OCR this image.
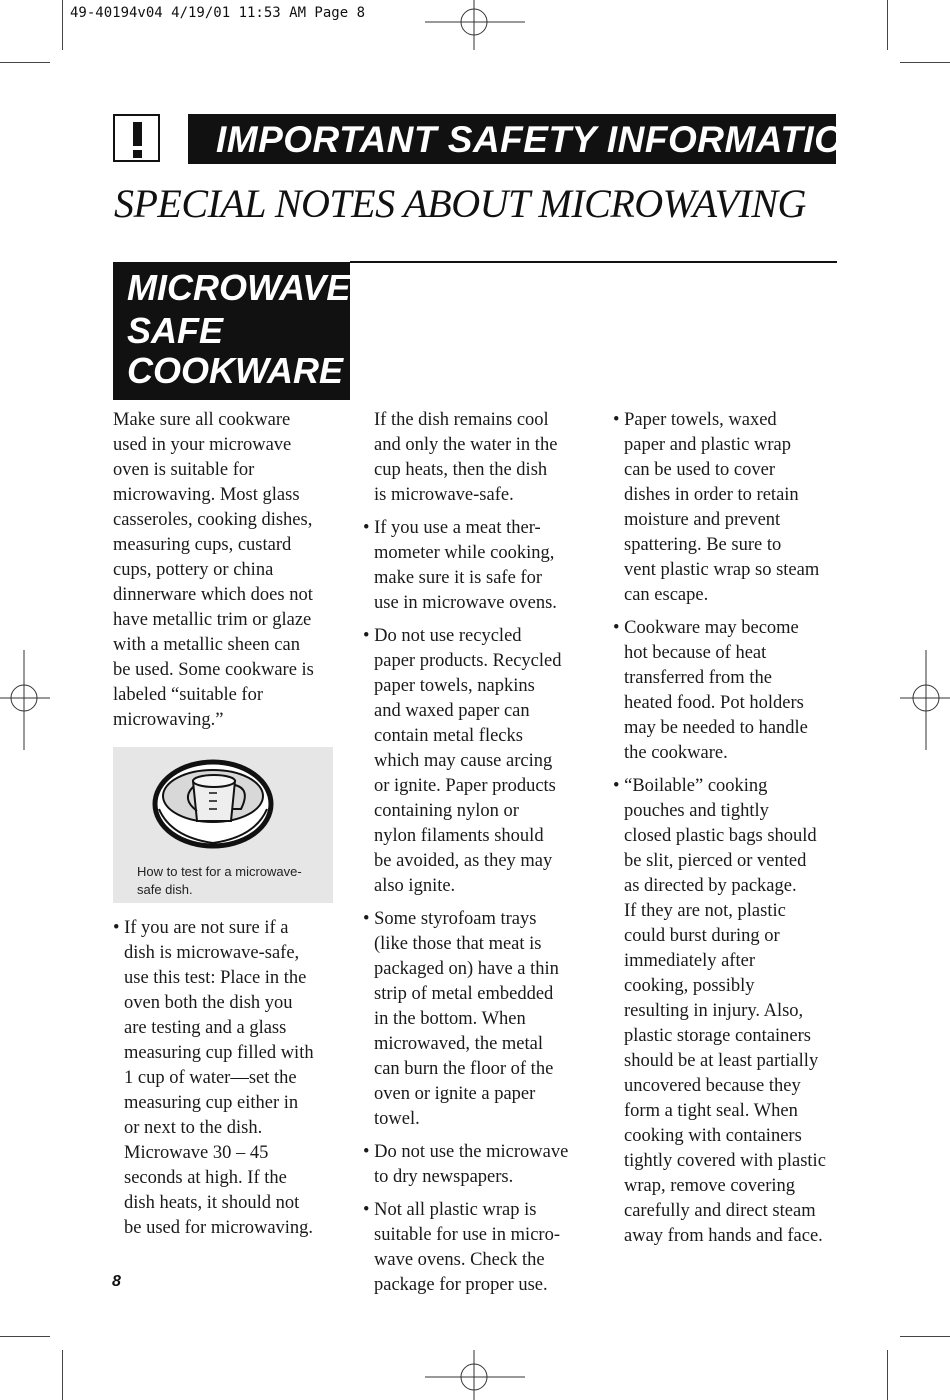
49-40194v04 4/19/01 11:53 AM Page 8
IMPORTANT SAFETY INFORMATION
SPECIAL NOTES ABOUT MICROWAVING
MICROWAVE-
SAFE
COOKWARE
Make sure all cookware
used in your microwave
oven is suitable for
microwaving. Most glass
casseroles, cooking dishes,
measuring cups, custard
cups, pottery or china
dinnerware which does not
have metallic trim or glaze
with a metallic sheen can
be used. Some cookware is
labeled “suitable for
microwaving.”
How to test for a microwave-
safe dish.
• If you are not sure if a
dish is microwave-safe,
use this test: Place in the
oven both the dish you
are testing and a glass
measuring cup filled with
1 cup of water—set the
measuring cup either in
or next to the dish.
Microwave 30 – 45
seconds at high. If the
dish heats, it should not
be used for microwaving.
If the dish remains cool
and only the water in the
cup heats, then the dish
is microwave-safe.
• If you use a meat ther-
mometer while cooking,
make sure it is safe for
use in microwave ovens.
• Do not use recycled
paper products. Recycled
paper towels, napkins
and waxed paper can
contain metal flecks
which may cause arcing
or ignite. Paper products
containing nylon or
nylon filaments should
be avoided, as they may
also ignite.
• Some styrofoam trays
(like those that meat is
packaged on) have a thin
strip of metal embedded
in the bottom. When
microwaved, the metal
can burn the floor of the
oven or ignite a paper
towel.
• Do not use the microwave
to dry newspapers.
• Not all plastic wrap is
suitable for use in micro-
wave ovens. Check the
package for proper use.
• Paper towels, waxed
paper and plastic wrap
can be used to cover
dishes in order to retain
moisture and prevent
spattering. Be sure to
vent plastic wrap so steam
can escape.
• Cookware may become
hot because of heat
transferred from the
heated food. Pot holders
may be needed to handle
the cookware.
• “Boilable” cooking
pouches and tightly
closed plastic bags should
be slit, pierced or vented
as directed by package.
If they are not, plastic
could burst during or
immediately after
cooking, possibly
resulting in injury. Also,
plastic storage containers
should be at least partially
uncovered because they
form a tight seal. When
cooking with containers
tightly covered with plastic
wrap, remove covering
carefully and direct steam
away from hands and face.
8
